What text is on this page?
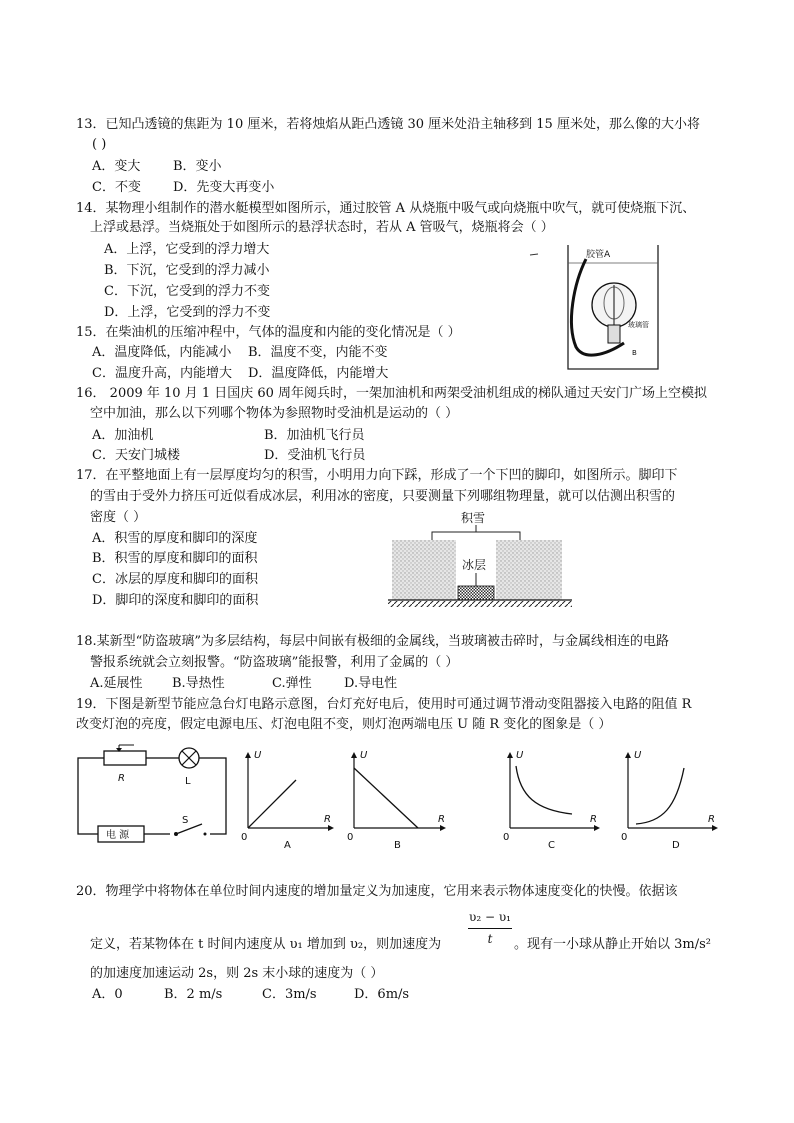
13．已知凸透镜的焦距为 10 厘米，若将烛焰从距凸透镜 30 厘米处沿主轴移到 15 厘米处，那么像的大小将
( )
A．变大	B．变小
C．不变 D．先变大再变小
14．某物理小组制作的潜水艇模型如图所示，通过胶管 A 从烧瓶中吸气或向烧瓶中吹气，就可使烧瓶下沉、
上浮或悬浮。当烧瓶处于如图所示的悬浮状态时，若从 A 管吸气，烧瓶将会（ ）
A．上浮，它受到的浮力增大
B．下沉，它受到的浮力减小
C．下沉，它受到的浮力不变
D．上浮，它受到的浮力不变
胶管A
玻璃管
B
15．在柴油机的压缩冲程中，气体的温度和内能的变化情况是（ ）
A．温度降低，内能减小 B．温度不变，内能不变
C．温度升高，内能增大 D．温度降低，内能增大
16． 2009 年 10 月 1 日国庆 60 周年阅兵时，一架加油机和两架受油机组成的梯队通过天安门广场上空模拟
空中加油，那么以下列哪个物体为参照物时受油机是运动的（ ）
A．加油机	B．加油机飞行员
C．天安门城楼	D．受油机飞行员
17．在平整地面上有一层厚度均匀的积雪，小明用力向下踩，形成了一个下凹的脚印，如图所示。脚印下
的雪由于受外力挤压可近似看成冰层，利用冰的密度，只要测量下列哪组物理量，就可以估测出积雪的
密度（ ）
A．积雪的厚度和脚印的深度
B．积雪的厚度和脚印的面积
C．冰层的厚度和脚印的面积
D．脚印的深度和脚印的面积
积雪
冰层
18.某新型“防盗玻璃”为多层结构，每层中间嵌有极细的金属线，当玻璃被击碎时，与金属线相连的电路
警报系统就会立刻报警。“防盗玻璃”能报警，利用了金属的（ ）
A.延展性 B.导热性	C.弹性 D.导电性
19．下图是新型节能应急台灯电路示意图，台灯充好电后，使用时可通过调节滑动变阻器接入电路的阻值 R
改变灯泡的亮度，假定电源电压、灯泡电阻不变，则灯泡两端电压 U 随 R 变化的图象是（ ）
R	L
电 源
S
U
R
0
A
U
R
0
B
U
R
0
C
U
R
0
D
20．物理学中将物体在单位时间内速度的增加量定义为加速度，它用来表示物体速度变化的快慢。依据该
υ₂ − υ₁
t
定义，若某物体在 t 时间内速度从 υ₁ 增加到 υ₂，则加速度为	。现有一小球从静止开始以 3m/s²
的加速度加速运动 2s，则 2s 末小球的速度为（ ）
A．0	B．2 m/s	C．3m/s	D．6m/s
